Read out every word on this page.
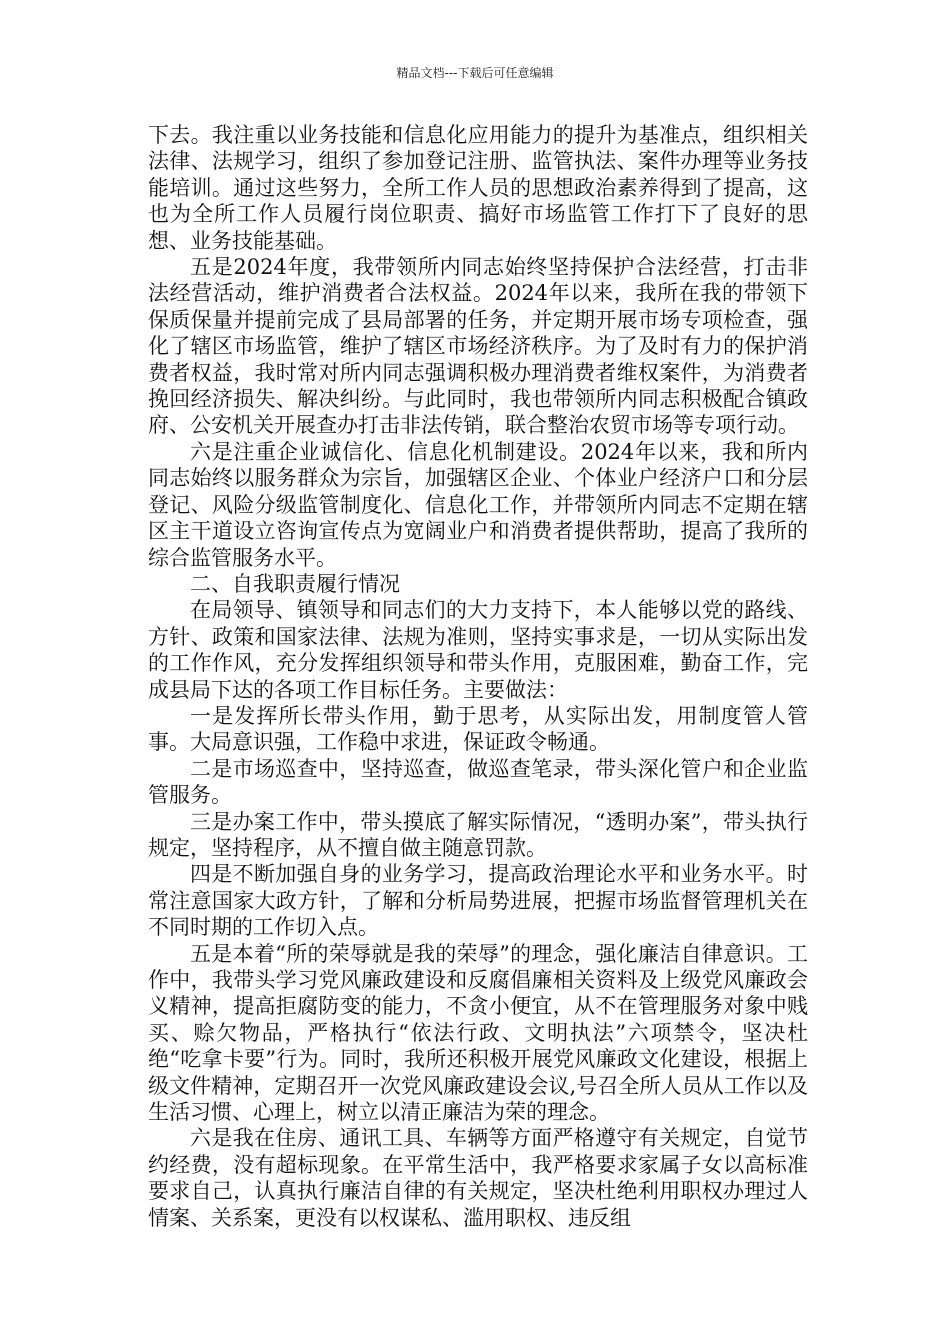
精品文档---下载后可任意编辑

下去。我注重以业务技能和信息化应用能力的提升为基准点，组织相关法律、法规学习，组织了参加登记注册、监管执法、案件办理等业务技能培训。通过这些努力，全所工作人员的思想政治素养得到了提高，这也为全所工作人员履行岗位职责、搞好市场监管工作打下了良好的思想、业务技能基础。

五是2024年度，我带领所内同志始终坚持保护合法经营，打击非法经营活动，维护消费者合法权益。2024年以来，我所在我的带领下保质保量并提前完成了县局部署的任务，并定期开展市场专项检查，强化了辖区市场监管，维护了辖区市场经济秩序。为了及时有力的保护消费者权益，我时常对所内同志强调积极办理消费者维权案件，为消费者挽回经济损失、解决纠纷。与此同时，我也带领所内同志积极配合镇政府、公安机关开展查办打击非法传销，联合整治农贸市场等专项行动。

六是注重企业诚信化、信息化机制建设。2024年以来，我和所内同志始终以服务群众为宗旨，加强辖区企业、个体业户经济户口和分层登记、风险分级监管制度化、信息化工作，并带领所内同志不定期在辖区主干道设立咨询宣传点为宽阔业户和消费者提供帮助，提高了我所的综合监管服务水平。

二、自我职责履行情况

在局领导、镇领导和同志们的大力支持下，本人能够以党的路线、方针、政策和国家法律、法规为准则，坚持实事求是，一切从实际出发的工作作风，充分发挥组织领导和带头作用，克服困难，勤奋工作，完成县局下达的各项工作目标任务。主要做法：

一是发挥所长带头作用，勤于思考，从实际出发，用制度管人管事。大局意识强，工作稳中求进，保证政令畅通。

二是市场巡查中，坚持巡查，做巡查笔录，带头深化管户和企业监管服务。

三是办案工作中，带头摸底了解实际情况，“透明办案”，带头执行规定，坚持程序，从不擅自做主随意罚款。

四是不断加强自身的业务学习，提高政治理论水平和业务水平。时常注意国家大政方针，了解和分析局势进展，把握市场监督管理机关在不同时期的工作切入点。

五是本着“所的荣辱就是我的荣辱”的理念，强化廉洁自律意识。工作中，我带头学习党风廉政建设和反腐倡廉相关资料及上级党风廉政会义精神，提高拒腐防变的能力，不贪小便宜，从不在管理服务对象中贱买、赊欠物品，严格执行“依法行政、文明执法”六项禁令，坚决杜绝“吃拿卡要”行为。同时，我所还积极开展党风廉政文化建设，根据上级文件精神，定期召开一次党风廉政建设会议,号召全所人员从工作以及生活习惯、心理上，树立以清正廉洁为荣的理念。

六是我在住房、通讯工具、车辆等方面严格遵守有关规定，自觉节约经费，没有超标现象。在平常生活中，我严格要求家属子女以高标准要求自己，认真执行廉洁自律的有关规定，坚决杜绝利用职权办理过人情案、关系案，更没有以权谋私、滥用职权、违反组
